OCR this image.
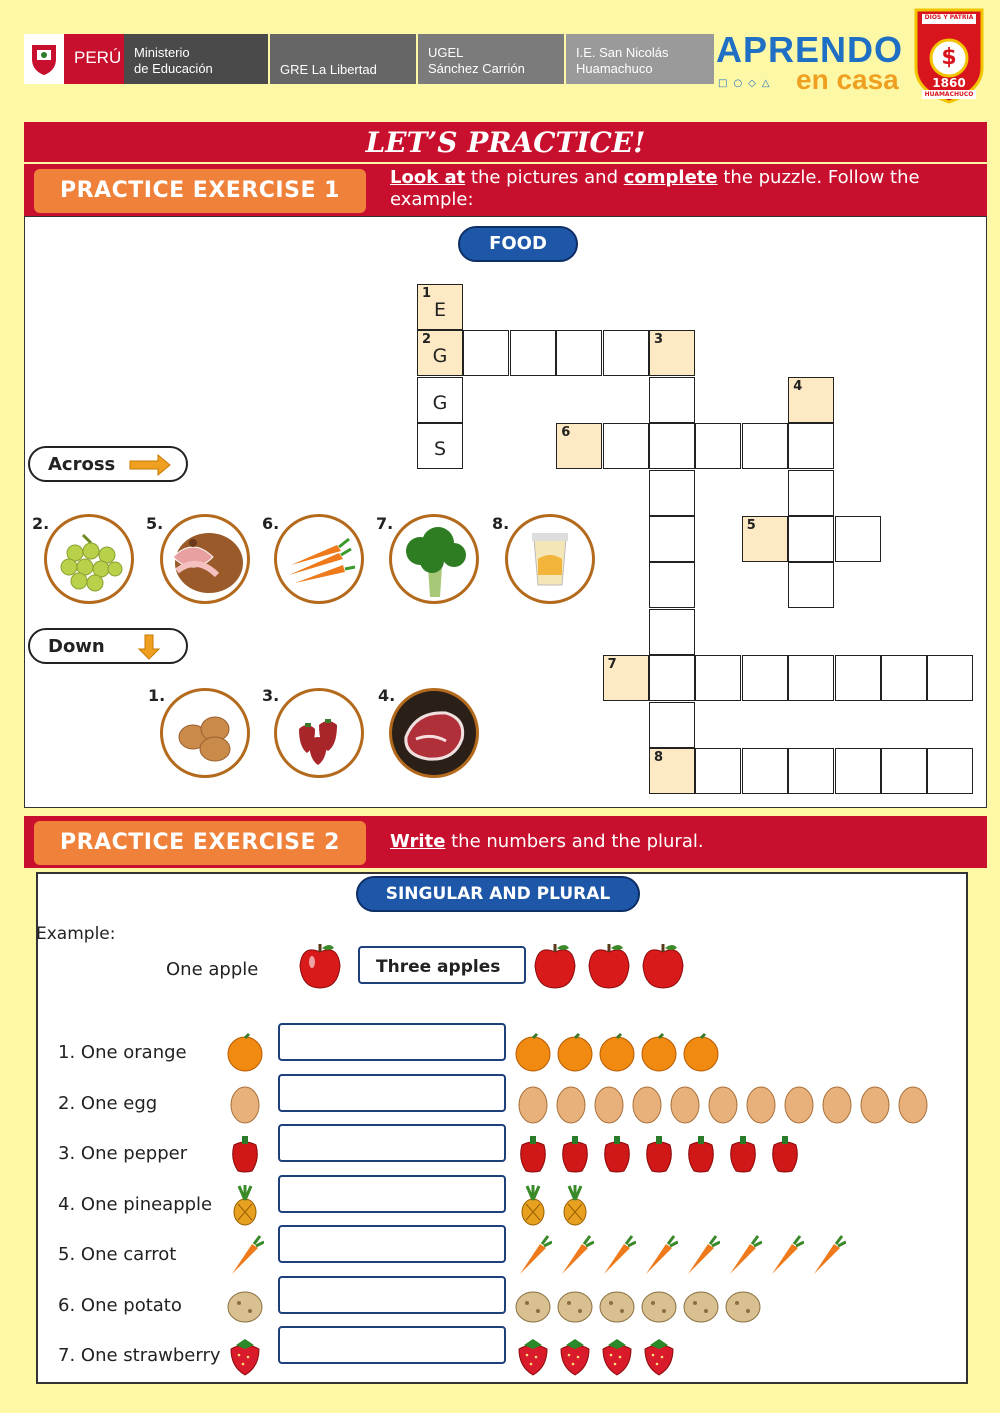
PERÚ Ministerio
de Educación	GRE La Libertad
UGEL
Sánchez Carrión
I.E. San Nicolás
Huamachuco	APRENDO
□○◇△ en casa
$
DIOS Y PATRIA
1860
HUAMACHUCO
LET’S PRACTICE!
PRACTICE EXERCISE 1
Look at the pictures and complete the puzzle. Follow the example:
FOOD
1
E
2
G
G
S
3
8
4
6
5
7
Across
Down
2.	5.	6.	7.	8.
1.	3.	4.
PRACTICE EXERCISE 2	Write the numbers and the plural.
SINGULAR AND PLURAL
Example:
One apple	Three apples
1. One orange
2. One egg
3. One pepper
4. One pineapple
5. One carrot
6. One potato
7. One strawberry
